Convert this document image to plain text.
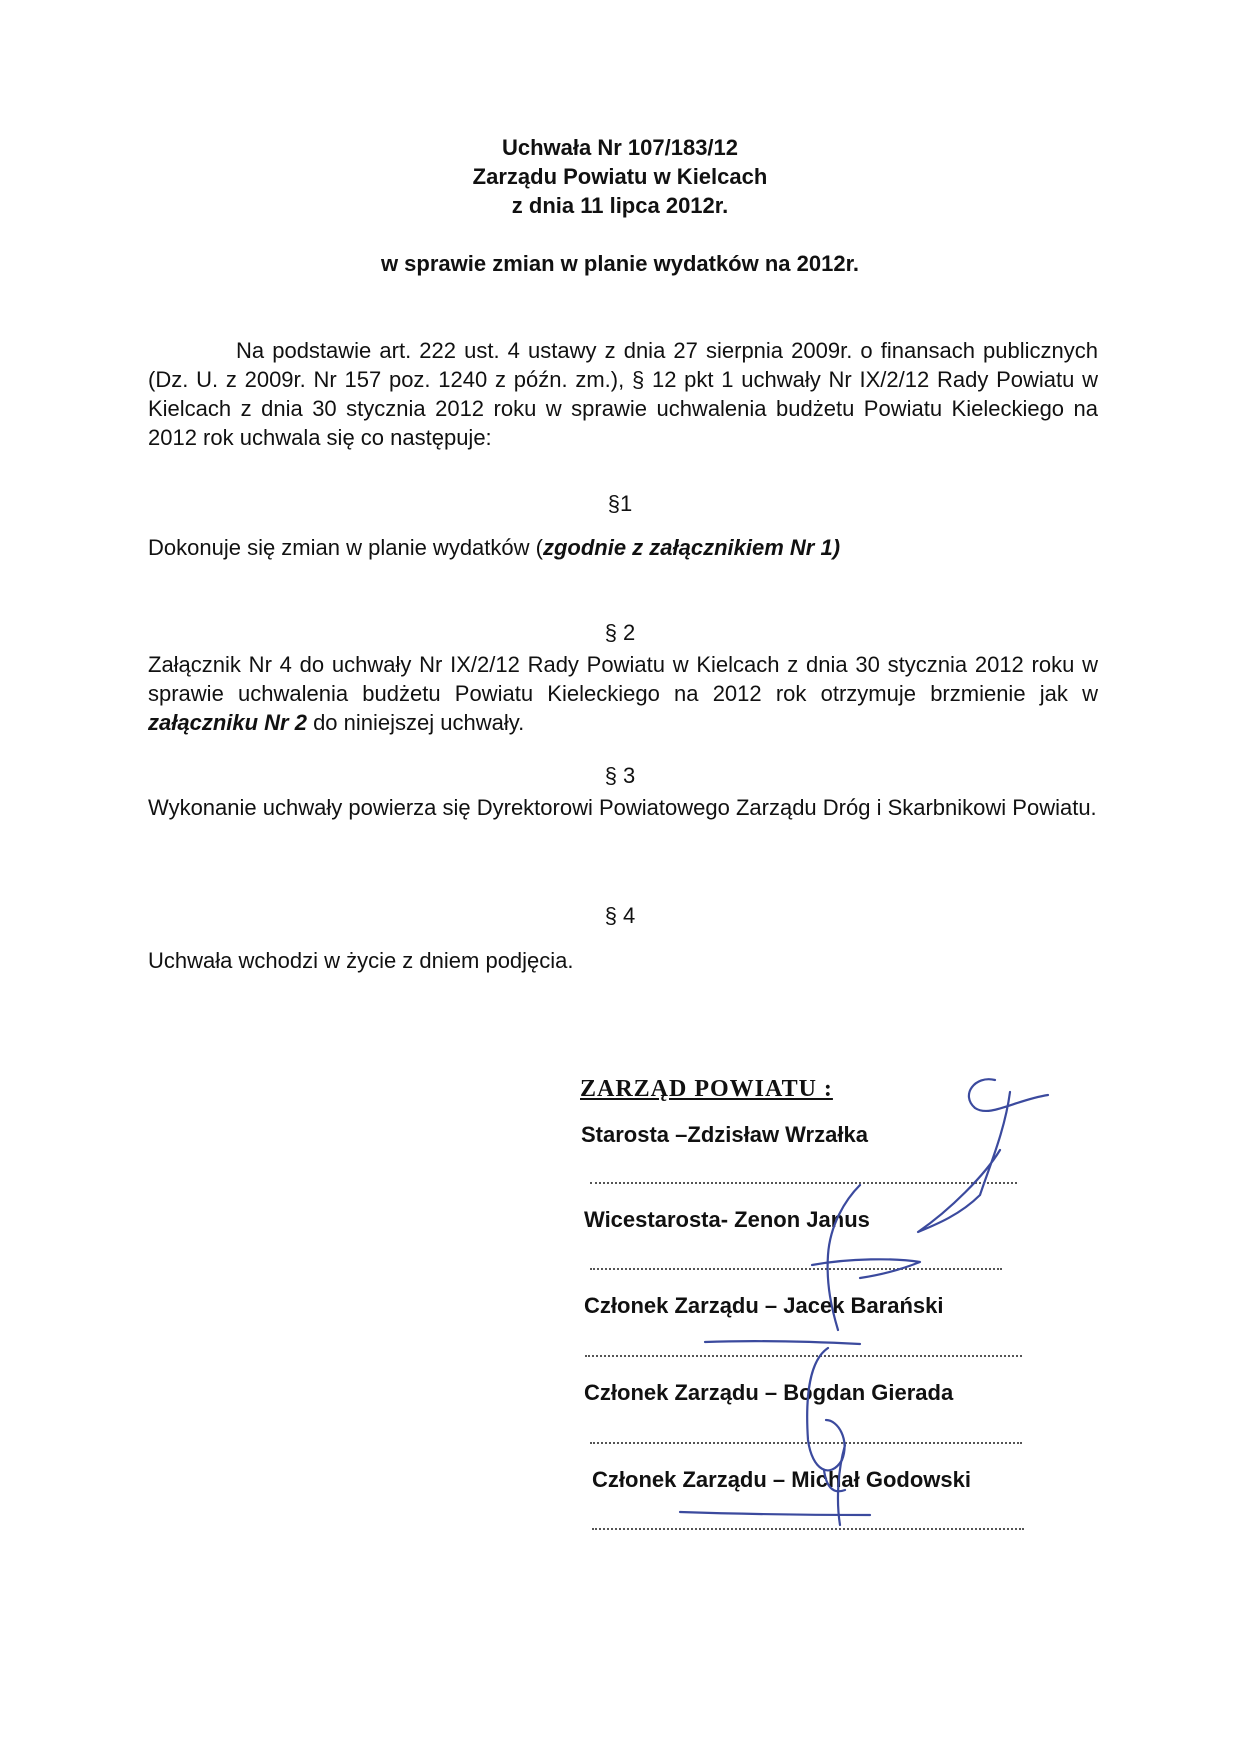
Uchwała Nr 107/183/12
Zarządu Powiatu w Kielcach
z dnia 11 lipca 2012r.
w sprawie zmian w planie wydatków na 2012r.
Na podstawie art. 222 ust. 4 ustawy z dnia 27 sierpnia 2009r. o finansach publicznych (Dz. U. z 2009r. Nr 157 poz. 1240 z późn. zm.), § 12 pkt 1 uchwały Nr IX/2/12 Rady Powiatu w Kielcach z dnia 30 stycznia 2012 roku w sprawie uchwalenia budżetu Powiatu Kieleckiego na 2012 rok uchwala się co następuje:
§1
Dokonuje się zmian w planie wydatków (zgodnie z załącznikiem Nr 1)
§ 2
Załącznik Nr 4 do uchwały Nr IX/2/12 Rady Powiatu w Kielcach z dnia 30 stycznia 2012 roku w sprawie uchwalenia budżetu Powiatu Kieleckiego na 2012 rok otrzymuje brzmienie jak w załączniku Nr 2 do niniejszej uchwały.
§ 3
Wykonanie uchwały powierza się Dyrektorowi Powiatowego Zarządu Dróg i Skarbnikowi Powiatu.
§ 4
Uchwała wchodzi w życie z dniem podjęcia.
ZARZĄD POWIATU :
Starosta –Zdzisław Wrzałka
Wicestarosta- Zenon Janus
Członek Zarządu – Jacek Barański
Członek Zarządu – Bogdan Gierada
Członek Zarządu – Michał Godowski
